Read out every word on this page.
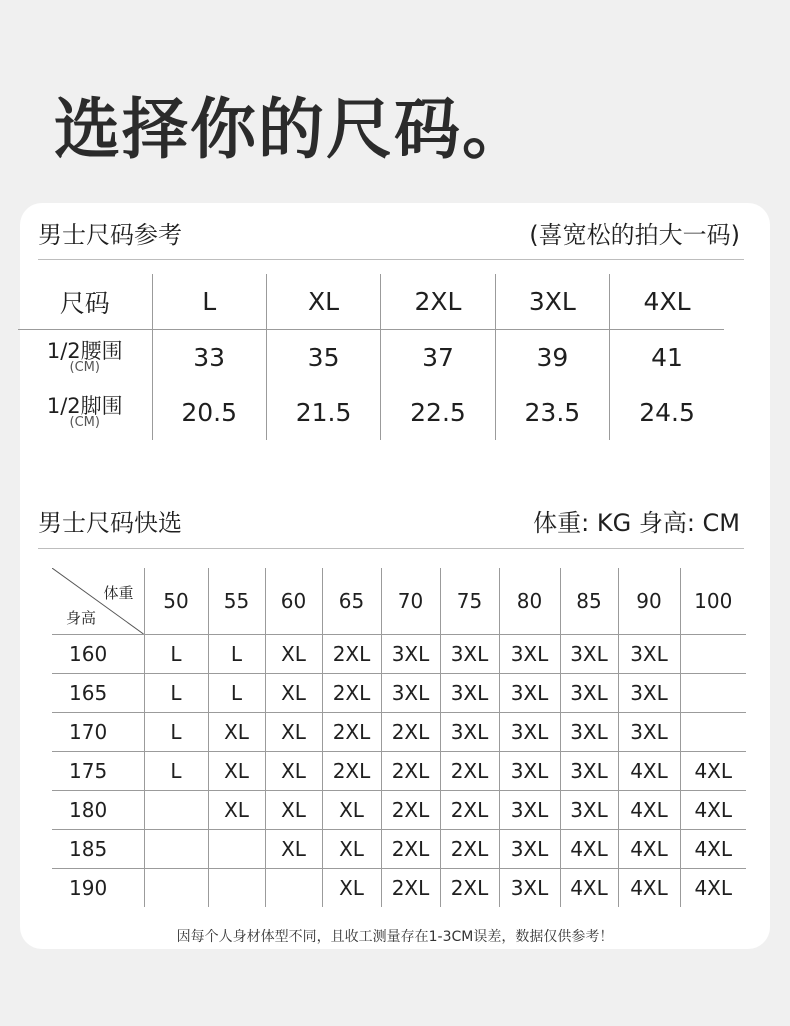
选择你的尺码。
男士尺码参考	(喜宽松的拍大一码)
男士尺码快选	体重: KG 身高: CM
因每个人身材体型不同，且收工测量存在1-3CM误差，数据仅供参考！
尺码	L	XL	2XL	3XL	4XL
1/2腰围
(CM)	33	35	37	39	41
1/2脚围
(CM)	20.5	21.5	22.5	23.5	24.5
体重
身高	50	55	60	65	70	75	80	85	90	100
160	L	L	XL	2XL	3XL	3XL	3XL	3XL	3XL	
165	L	L	XL	2XL	3XL	3XL	3XL	3XL	3XL	
170	L	XL	XL	2XL	2XL	3XL	3XL	3XL	3XL	
175	L	XL	XL	2XL	2XL	2XL	3XL	3XL	4XL	4XL
180		XL	XL	XL	2XL	2XL	3XL	3XL	4XL	4XL
185			XL	XL	2XL	2XL	3XL	4XL	4XL	4XL
190				XL	2XL	2XL	3XL	4XL	4XL	4XL
